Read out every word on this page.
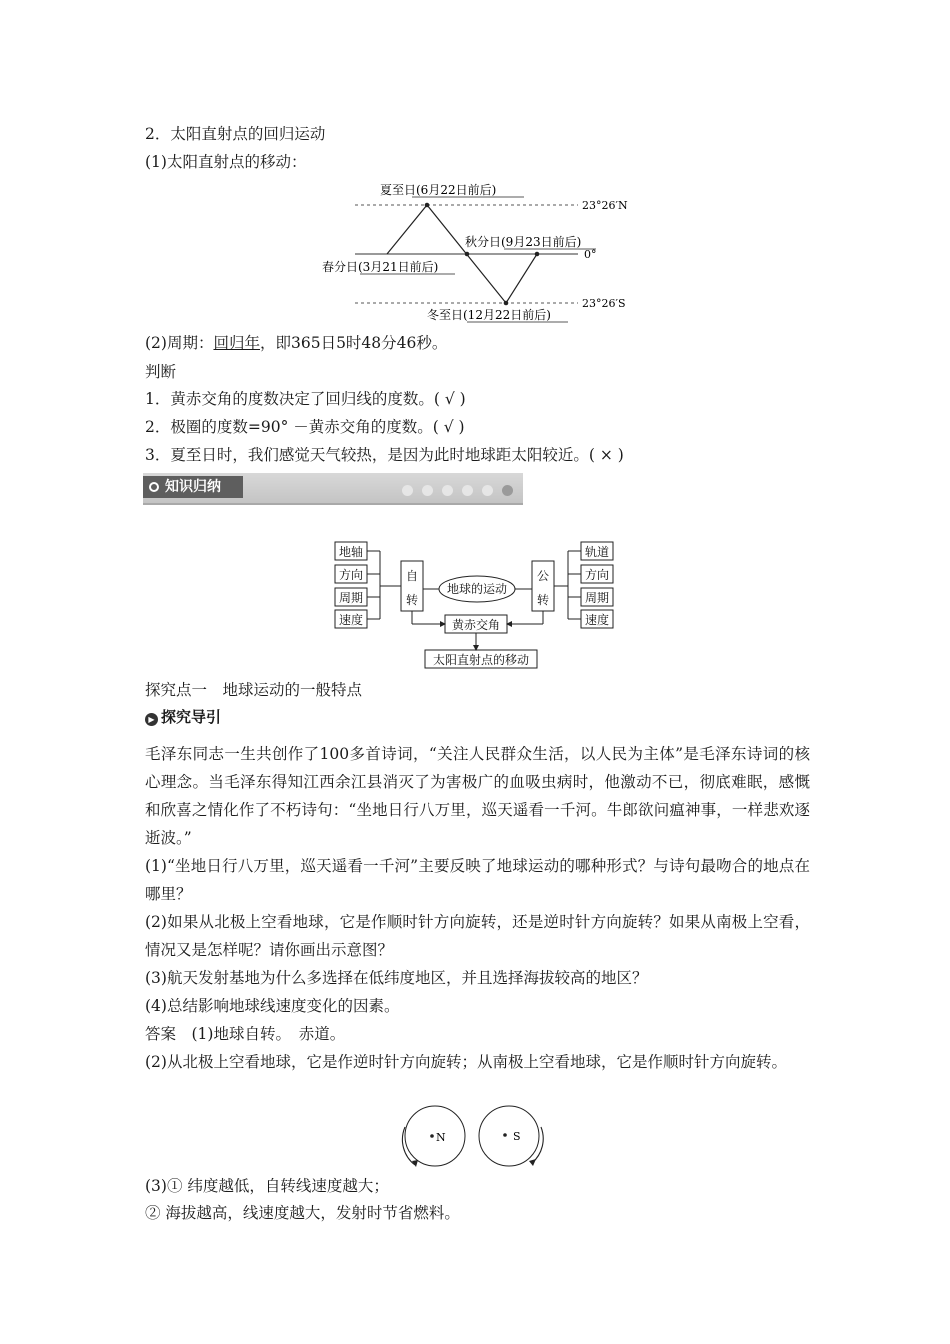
2．太阳直射点的回归运动
(1)太阳直射点的移动：
夏至日(6月22日前后)
秋分日(9月23日前后)
春分日(3月21日前后)
冬至日(12月22日前后)
23°26′N
0°
23°26′S
(2)周期：回归年，即365日5时48分46秒。
判断
1．黄赤交角的度数决定了回归线的度数。( √ )
2．极圈的度数=90° －黄赤交角的度数。( √ )
3．夏至日时，我们感觉天气较热，是因为此时地球距太阳较近。( × )
知识归纳
地轴
方向
周期
速度
自
转
地球的运动
公
转
轨道
方向
周期
速度
黄赤交角
太阳直射点的移动
探究点一　地球运动的一般特点
▶ 探究导引
毛泽东同志一生共创作了100多首诗词，“关注人民群众生活，以人民为主体”是毛泽东诗词的核心理念。当毛泽东得知江西余江县消灭了为害极广的血吸虫病时，他激动不已，彻底难眠，感慨和欣喜之情化作了不朽诗句：“坐地日行八万里，巡天遥看一千河。牛郎欲问瘟神事，一样悲欢逐逝波。”
(1)“坐地日行八万里，巡天遥看一千河”主要反映了地球运动的哪种形式？与诗句最吻合的地点在哪里？
(2)如果从北极上空看地球，它是作顺时针方向旋转，还是逆时针方向旋转？如果从南极上空看，情况又是怎样呢？请你画出示意图？
(3)航天发射基地为什么多选择在低纬度地区，并且选择海拔较高的地区？
(4)总结影响地球线速度变化的因素。
答案　(1)地球自转。　赤道。
(2)从北极上空看地球，它是作逆时针方向旋转；从南极上空看地球，它是作顺时针方向旋转。
N	S
(3)① 纬度越低，自转线速度越大；
② 海拔越高，线速度越大，发射时节省燃料。
